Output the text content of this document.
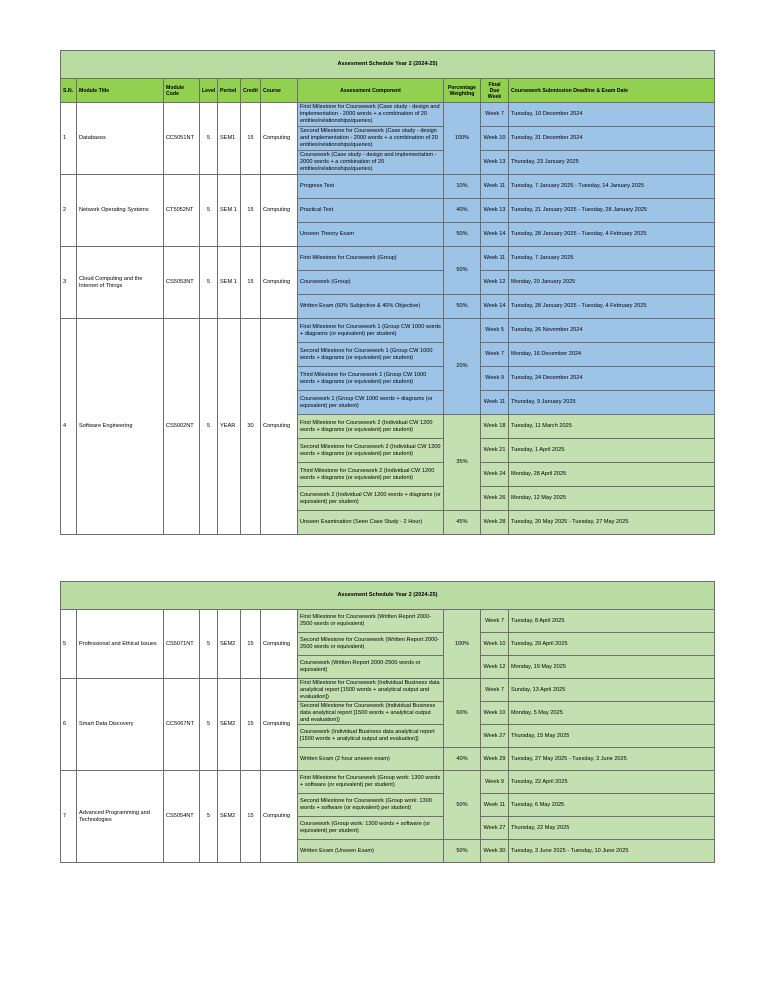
Assesment Schedule Year 2 (2024-25)										
S.N.	Module Title	Module Code	Level	Period	Credit	Course	Assessment Component	Percentage Weighting	Final Due Week	Coursework Submission Deadline & Exam Date
1	Databases	CC5051NT	5	SEM1	15	Computing	First Milestone for Coursework (Case study - design and implementation - 2000 words + a combination of 20 entities/relationships/queries)	100%	Week 7	Tuesday, 10 December 2024
							Second Milestone for Coursework (Case study - design and implementation - 2000 words + a combination of 20 entities/relationships/queries)		Week 10	Tuesday, 31 December 2024
							Coursework (Case study - design and implementation - 2000 words + a combination of 20 entities/relationships/queries)		Week 13	Thursday, 23 January 2025
2	Network Operating Systems	CT5052NT	5	SEM 1	15	Computing	Progress Test	10%	Week 11	Tuesday, 7 January 2025 - Tuesday, 14 January 2025
							Practical Test	40%	Week 13	Tuesday, 21 January 2025 - Tuesday, 28 January 2025
							Unseen Theory Exam	50%	Week 14	Tuesday, 28 January 2025 - Tuesday, 4 February 2025
3	Cloud Computing and the Internet of Things	CS5053NT	5	SEM 1	15	Computing	First Milestone for Coursework (Group)	50%	Week 11	Tuesday, 7 January 2025
							Coursework (Group)		Week 12	Monday, 20 January 2025
							Written Exam (60% Subjective & 40% Objective)	50%	Week 14	Tuesday, 28 January 2025 - Tuesday, 4 February 2025
4	Software Engineering	CS5002NT	5	YEAR	30	Computing	First Milestone for Coursework 1 (Group CW 1000 words + diagrams (or equivalent) per student)	20%	Week 5	Tuesday, 26 November 2024
							Second Milestone for Coursework 1 (Group CW 1000 words + diagrams (or equivalent) per student)		Week 7	Monday, 16 December 2024
							Third Milestone for Coursework 1 (Group CW 1000 words + diagrams (or equivalent) per student)		Week 9	Tuesday, 24 December 2024
							Coursework 1 (Group CW 1000 words + diagrams (or equivalent) per student)		Week 11	Thursday, 9 January 2025
							First Milestone for Coursework 2 (Individual CW 1200 words + diagrams (or equivalent) per student)	35%	Week 18	Tuesday, 11 March 2025
							Second Milestone for Coursework 2 (Individual CW 1200 words + diagrams (or equivalent) per student)		Week 21	Tuesday, 1 April 2025
							Third Milestone for Coursework 2 (Individual CW 1200 words + diagrams (or equivalent) per student)		Week 24	Monday, 28 April 2025
							Coursework 2 (Individual CW 1200 words + diagrams (or equivalent) per student)		Week 26	Monday, 12 May 2025
							Unseen Examination (Seen Case Study - 2 Hour)	45%	Week 28	Tuesday, 20 May 2025 - Tuesday, 27 May 2025
Assesment Schedule Year 2 (2024-25)										
5	Professional and Ethical Issues	CS5071NT	5	SEM2	15	Computing	First Milestone for Coursework (Written Report 2000-2500 words or equivalent)	100%	Week 7	Tuesday, 8 April 2025
							Second Milestone for Coursework (Written Report 2000-2500 words or equivalent)		Week 10	Tuesday, 29 April 2025
							Coursework (Written Report 2000-2500 words or equivalent)		Week 12	Monday, 19 May 2025
6	Smart Data Discovery	CC5067NT	5	SEM2	15	Computing	First Milestone for Coursework (Individual Business data analytical report [1500 words + analytical output and evaluation])	60%	Week 7	Sunday, 13 April 2025
							Second Milestone for Coursework (Individual Business data analytical report [1500 words + analytical output and evaluation])		Week 10	Monday, 5 May 2025
							Coursework (Individual Business data analytical report [1500 words + analytical output and evaluation])		Week 27	Thursday, 15 May 2025
							Written Exam (2 hour unseen exam)	40%	Week 29	Tuesday, 27 May 2025 - Tuesday, 3 June 2025
7	Advanced Programming and Technologies	CS5054NT	5	SEM2	15	Computing	First Milestone for Coursework (Group work: 1300 words + software (or equivalent) per student)	50%	Week 9	Tuesday, 22 April 2025
							Second Milestone for Coursework (Group work: 1300 words + software (or equivalent) per student)		Week 11	Tuesday, 6 May 2025
							Coursework (Group work: 1300 words + software (or equivalent) per student)		Week 27	Thursday, 22 May 2025
							Written Exam (Unseen Exam)	50%	Week 30	Tuesday, 3 June 2025 - Tuesday, 10 June 2025
